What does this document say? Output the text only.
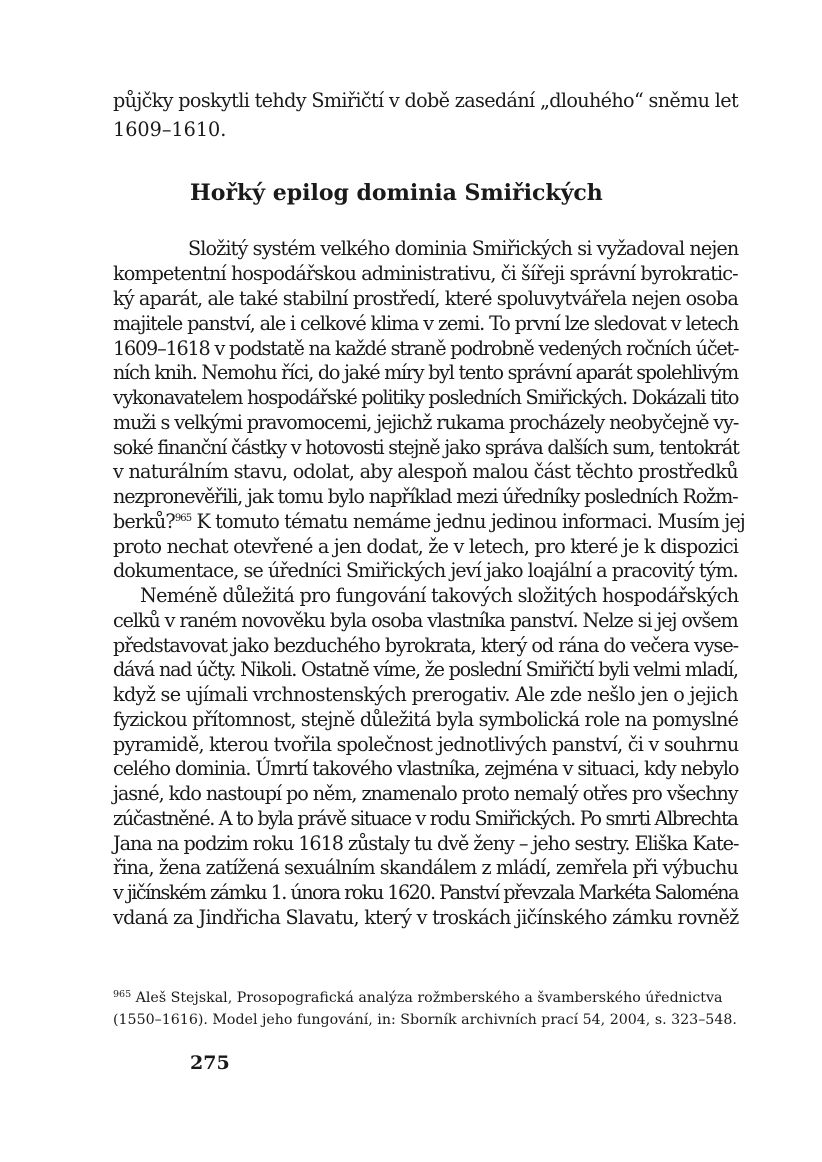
půjčky poskytli tehdy Smiřičtí v době zasedání „dlouhého“ sněmu let
1609–1610.
Hořký epilog dominia Smiřických
Složitý systém velkého dominia Smiřických si vyžadoval nejen
kompetentní hospodářskou administrativu, či šířeji správní byrokratic-
ký aparát, ale také stabilní prostředí, které spoluvytvářela nejen osoba
majitele panství, ale i celkové klima v zemi. To první lze sledovat v letech
1609–1618 v podstatě na každé straně podrobně vedených ročních účet-
ních knih. Nemohu říci, do jaké míry byl tento správní aparát spolehlivým
vykonavatelem hospodářské politiky posledních Smiřických. Dokázali tito
muži s velkými pravomocemi, jejichž rukama procházely neobyčejně vy-
soké finanční částky v hotovosti stejně jako správa dalších sum, tentokrát
v naturálním stavu, odolat, aby alespoň malou část těchto prostředků
nezpronevěřili, jak tomu bylo například mezi úředníky posledních Rožm-
berků?$^{965}$ K tomuto tématu nemáme jednu jedinou informaci. Musím jej
proto nechat otevřené a jen dodat, že v letech, pro které je k dispozici
dokumentace, se úředníci Smiřických jeví jako loajální a pracovitý tým.
Neméně důležitá pro fungování takových složitých hospodářských
celků v raném novověku byla osoba vlastníka panství. Nelze si jej ovšem
představovat jako bezduchého byrokrata, který od rána do večera vyse-
dává nad účty. Nikoli. Ostatně víme, že poslední Smiřičtí byli velmi mladí,
když se ujímali vrchnostenských prerogativ. Ale zde nešlo jen o jejich
fyzickou přítomnost, stejně důležitá byla symbolická role na pomyslné
pyramidě, kterou tvořila společnost jednotlivých panství, či v souhrnu
celého dominia. Úmrtí takového vlastníka, zejména v situaci, kdy nebylo
jasné, kdo nastoupí po něm, znamenalo proto nemalý otřes pro všechny
zúčastněné. A to byla právě situace v rodu Smiřických. Po smrti Albrechta
Jana na podzim roku 1618 zůstaly tu dvě ženy – jeho sestry. Eliška Kate-
řina, žena zatížená sexuálním skandálem z mládí, zemřela při výbuchu
v jičínském zámku 1. února roku 1620. Panství převzala Markéta Saloména
vdaná za Jindřicha Slavatu, který v troskách jičínského zámku rovněž
$^{965}$ Aleš Stejskal, Prosopografická analýza rožmberského a švamberského úřednictva
(1550–1616). Model jeho fungování, in: Sborník archivních prací 54, 2004, s. 323–548.
275
